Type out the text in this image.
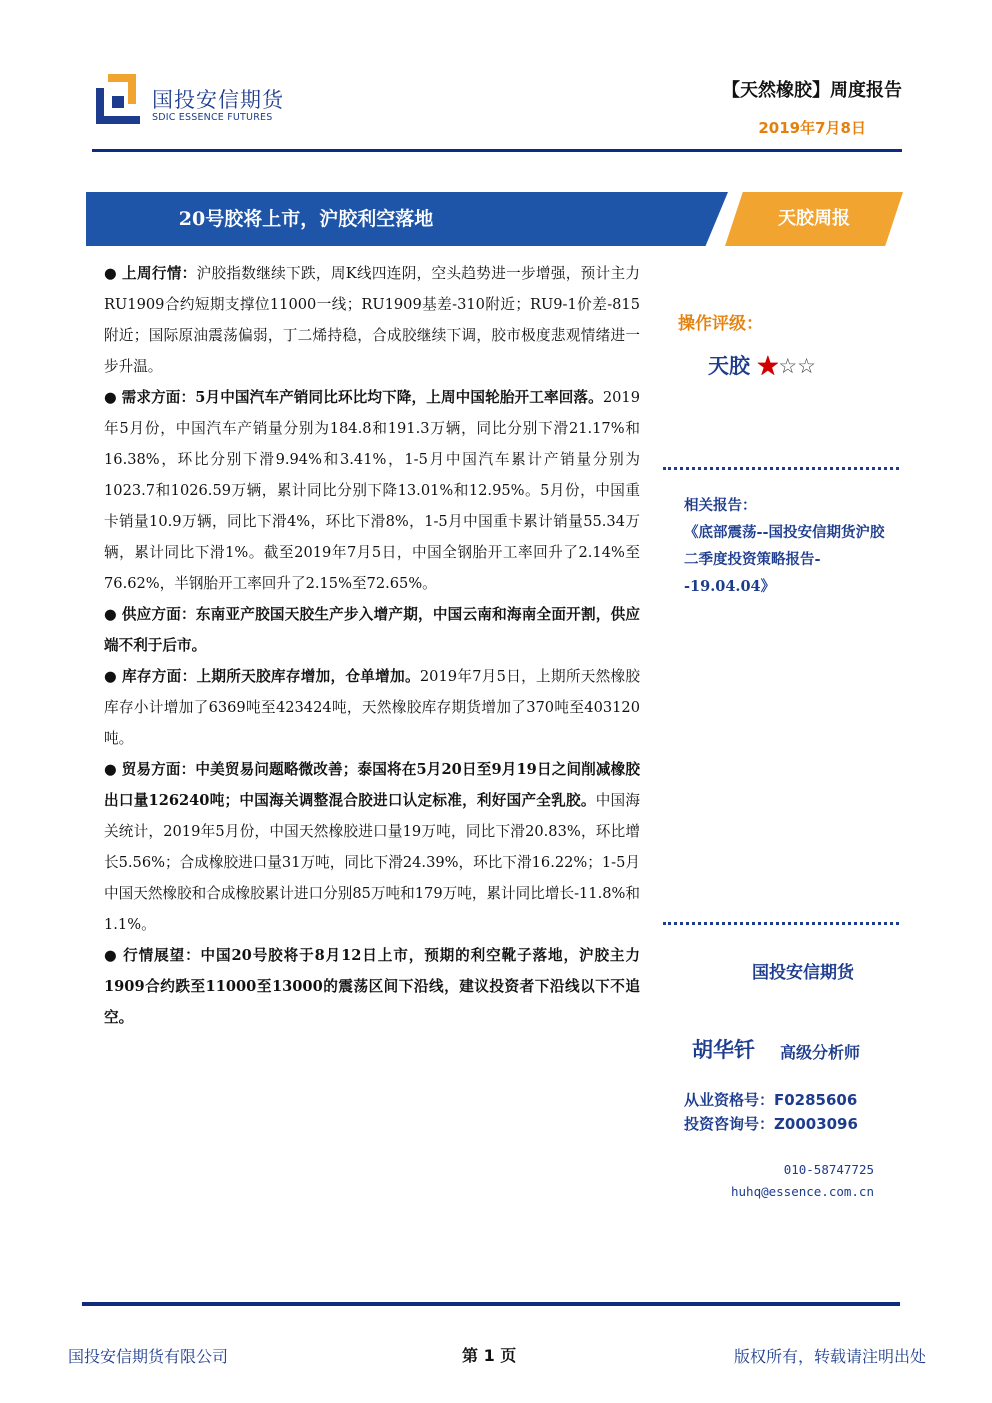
国投安信期货
SDIC ESSENCE FUTURES
【天然橡胶】周度报告
2019年7月8日
20号胶将上市，沪胶利空落地	天胶周报

● 上周行情：沪胶指数继续下跌，周K线四连阴，空头趋势进一步增强，预计主力RU1909合约短期支撑位11000一线；RU1909基差-310附近；RU9-1价差-815附近；国际原油震荡偏弱，丁二烯持稳，合成胶继续下调，胶市极度悲观情绪进一步升温。

● 需求方面：5月中国汽车产销同比环比均下降，上周中国轮胎开工率回落。2019年5月份，中国汽车产销量分别为184.8和191.3万辆，同比分别下滑21.17%和16.38%，环比分别下滑9.94%和3.41%，1-5月中国汽车累计产销量分别为1023.7和1026.59万辆，累计同比分别下降13.01%和12.95%。5月份，中国重卡销量10.9万辆，同比下滑4%，环比下滑8%，1-5月中国重卡累计销量55.34万辆，累计同比下滑1%。截至2019年7月5日，中国全钢胎开工率回升了2.14%至76.62%，半钢胎开工率回升了2.15%至72.65%。

● 供应方面：东南亚产胶国天胶生产步入增产期，中国云南和海南全面开割，供应端不利于后市。

● 库存方面：上期所天胶库存增加，仓单增加。2019年7月5日，上期所天然橡胶库存小计增加了6369吨至423424吨，天然橡胶库存期货增加了370吨至403120吨。

● 贸易方面：中美贸易问题略微改善；泰国将在5月20日至9月19日之间削减橡胶出口量126240吨；中国海关调整混合胶进口认定标准，利好国产全乳胶。中国海关统计，2019年5月份，中国天然橡胶进口量19万吨，同比下滑20.83%，环比增长5.56%；合成橡胶进口量31万吨，同比下滑24.39%，环比下滑16.22%；1-5月中国天然橡胶和合成橡胶累计进口分别85万吨和179万吨，累计同比增长-11.8%和1.1%。

● 行情展望：中国20号胶将于8月12日上市，预期的利空靴子落地，沪胶主力1909合约跌至11000至13000的震荡区间下沿线，建议投资者下沿线以下不追空。

操作评级：
天胶 ★☆☆
相关报告：
《底部震荡--国投安信期货沪胶二季度投资策略报告--19.04.04》
国投安信期货
胡华钎 高级分析师
从业资格号：F0285606
投资咨询号：Z0003096
010-58747725
huhq@essence.com.cn
国投安信期货有限公司	第 1 页	版权所有，转载请注明出处
